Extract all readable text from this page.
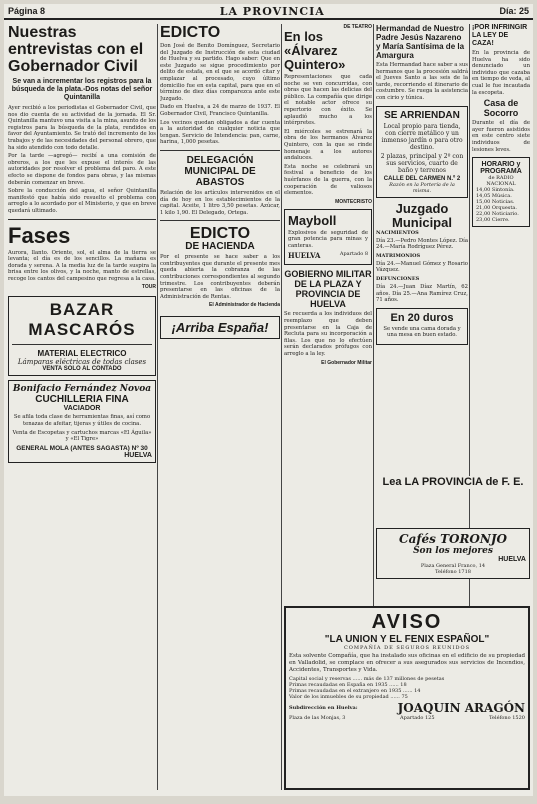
Página 8	LA PROVINCIA	Día: 25
Nuestras entrevistas con el Gobernador Civil
Se van a incrementar los registros para la búsqueda de la plata.-Dos notas del señor Quintanilla

Ayer recibió a los periodistas el Gobernador Civil, que nos dio cuenta de su actividad de la jornada. El Sr. Quintanilla mantuvo una visita a la mina, asunto de los registros para la búsqueda de la plata, rendidos en favor del Ayuntamiento. Se trató del incremento de los trabajos y de las necesidades del personal obrero, que ha sido atendido con todo detalle.

Por la tarde —agregó— recibí a una comisión de obreros, a los que les expuse el interés de las autoridades por resolver el problema del paro. A este efecto se dispone de fondos para obras, y las mismas deberán comenzar en breve.

Sobre la conducción del agua, el señor Quintanilla manifestó que había sido resuelto el problema con arreglo a lo acordado por el Ministerio, y que en breve quedará ultimado.

Fases

Aurora, llanto. Oriente, sol, el alma de la tierra se levanta; el día es de los sencillos. La mañana es dorada y serena. A la media luz de la tarde suspira la brisa entre los olivos, y la noche, manto de estrellas, recoge los cantos del campesino que regresa a la casa.

TOUR
BAZAR MASCARÓS
MATERIAL ELECTRICO
Lámparas eléctricas de todas clases
VENTA SOLO AL CONTADO
Bonifacio Fernández Novoa
CUCHILLERIA FINA
VACIADOR

Se afila toda clase de herramientas finas, así como tenazas de afeitar, tijeras y útiles de cocina.

Venta de Escopetas y cartuchos marcas «El Águila» y «El Tigre»

GENERAL MOLA (ANTES SAGASTA) Nº 30
HUELVA
EDICTO

Don José de Benito Domínguez, Secretario del Juzgado de Instrucción de esta ciudad de Huelva y su partido. Hago saber: Que en este Juzgado se sigue procedimiento por delito de estafa, en el que se acordó citar y emplazar al procesado, cuyo último domicilio fue en esta capital, para que en el término de diez días comparezca ante este Juzgado.

Dado en Huelva, a 24 de marzo de 1937. El Gobernador Civil, Francisco Quintanilla.

Los vecinos quedan obligados a dar cuenta a la autoridad de cualquier noticia que tengan. Servicio de Intendencia: pan, carne, harina, 1,000 pesetas.

DELEGACIÓN MUNICIPAL DE ABASTOS

Relación de los artículos intervenidos en el día de hoy en los establecimientos de la capital. Aceite, 1 litro 3,50 pesetas. Azúcar, 1 kilo 1,90. El Delegado, Ortega.

EDICTO
DE HACIENDA

Por el presente se hace saber a los contribuyentes que durante el presente mes queda abierta la cobranza de las contribuciones correspondientes al segundo trimestre. Los contribuyentes deberán presentarse en las oficinas de la Administración de Rentas.

El Administrador de Hacienda
¡Arriba España!
DE TEATRO
En los «Álvarez Quintero»

Representaciones que cada noche se ven concurridas, con obras que hacen las delicias del público. La compañía que dirige el notable actor ofrece su repertorio con éxito. Se aplaudió mucho a los intérpretes.

El miércoles se estrenará la obra de los hermanos Álvarez Quintero, con la que se rinde homenaje a los autores andaluces.

Esta noche se celebrará un festival a beneficio de los huérfanos de la guerra, con la cooperación de valiosos elementos.

MONTECRISTO
Mayboll

Explosivos de seguridad de gran potencia para minas y canteras.

HUELVA	Apartado 8
GOBIERNO MILITAR DE LA PLAZA Y PROVINCIA DE HUELVA

Se recuerda a los individuos del reemplazo que deben presentarse en la Caja de Recluta para su incorporación a filas. Los que no lo efectúen serán declarados prófugos con arreglo a la ley.

El Gobernador Militar
Hermandad de Nuestro Padre Jesús Nazareno y María Santísima de la Amargura

Esta Hermandad hace saber a sus hermanos que la procesión saldrá el Jueves Santo a las seis de la tarde, recorriendo el itinerario de costumbre. Se ruega la asistencia con cirio y túnica.

SE ARRIENDAN

Local propio para tienda, con cierre metálico y un inmenso jardín o para otro destino.

2 plazas, principal y 2º con sus servicios, cuarto de baño y terrenos

CALLE DEL CARMEN N.º 2
Razón en la Portería de la misma.
Juzgado Municipal
NACIMIENTOS

Día 23.—Pedro Montes López. Día 24.—María Rodríguez Pérez.

MATRIMONIOS

Día 24.—Manuel Gómez y Rosario Vázquez.

DEFUNCIONES

Día 24.—Juan Díaz Martín, 62 años. Día 25.—Ana Ramírez Cruz, 71 años.

En 20 duros

Se vende una cama dorada y una mesa en buen estado.

¡POR INFRINGIR LA LEY DE CAZA!

En la provincia de Huelva ha sido denunciado un individuo que cazaba en tiempo de veda, al cual le fue incautada la escopeta.

Casa de Socorro

Durante el día de ayer fueron asistidos en este centro siete individuos de lesiones leves.

HORARIO y PROGRAMA
de RADIO NACIONAL
14,00 Sintonía.
14,05 Música.
15,00 Noticias.
21,00 Orquesta.
22,00 Noticiario.
23,00 Cierre.
Cafés TORONJO
Son los mejores
HUELVA
Plaza General Franco, 14
Teléfono 1718
Lea LA PROVINCIA de F. E.
AVISO
"LA UNION Y EL FENIX ESPAÑOL"
COMPAÑÍA DE SEGUROS REUNIDOS

Esta solvente Compañía, que ha instalado sus oficinas en el edificio de su propiedad en Valladolid, se complace en ofrecer a sus asegurados sus servicios de Incendios, Accidentes, Transportes y Vida.

Capital social y reservas ...... más de 137 millones de pesetas
Primas recaudadas en España en 1935 ...... 18
Primas recaudadas en el extranjero en 1935 ...... 14
Valor de los inmuebles de su propiedad ...... 75
Subdirección en Huelva:	JOAQUIN ARAGÓN
Plaza de las Monjas, 3	Apartado 125	Teléfono 1520
